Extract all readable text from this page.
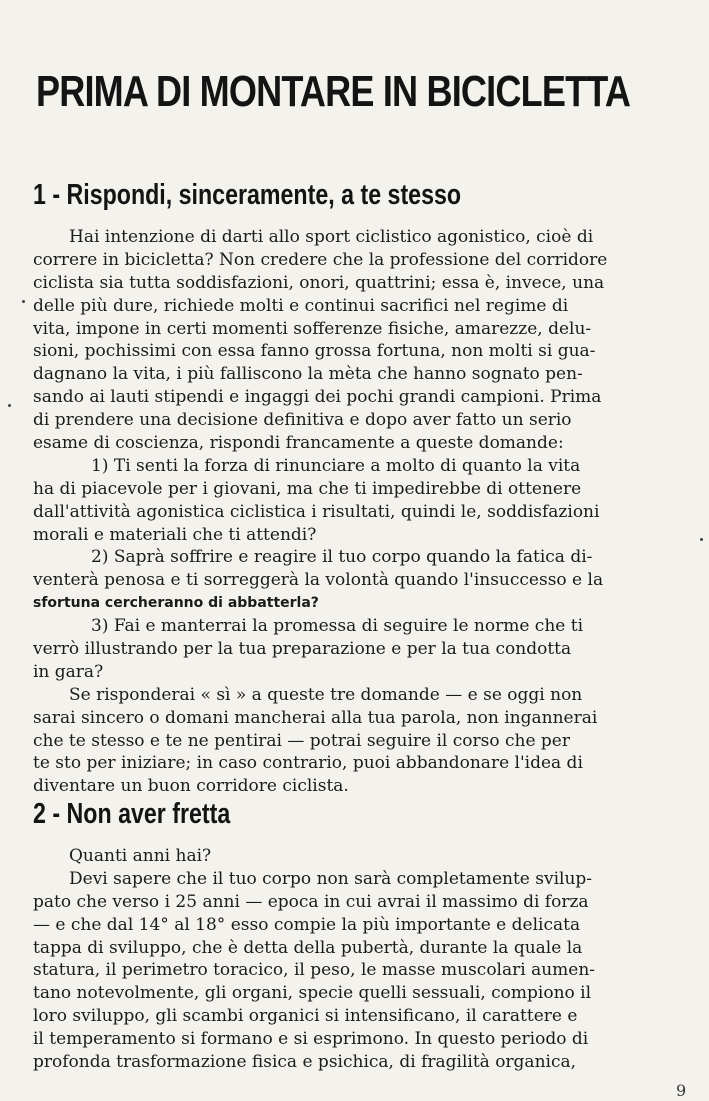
PRIMA DI MONTARE IN BICICLETTA
1 - Rispondi, sinceramente, a te stesso
Hai intenzione di darti allo sport ciclistico agonistico, cioè di
correre in bicicletta? Non credere che la professione del corridore
ciclista sia tutta soddisfazioni, onori, quattrini; essa è, invece, una
delle più dure, richiede molti e continui sacrifici nel regime di
vita, impone in certi momenti sofferenze fisiche, amarezze, delu-
sioni, pochissimi con essa fanno grossa fortuna, non molti si gua-
dagnano la vita, i più falliscono la mèta che hanno sognato pen-
sando ai lauti stipendi e ingaggi dei pochi grandi campioni. Prima
di prendere una decisione definitiva e dopo aver fatto un serio
esame di coscienza, rispondi francamente a queste domande:
1) Ti senti la forza di rinunciare a molto di quanto la vita
ha di piacevole per i giovani, ma che ti impedirebbe di ottenere
dall'attività agonistica ciclistica i risultati, quindi le, soddisfazioni
morali e materiali che ti attendi?
2) Saprà soffrire e reagire il tuo corpo quando la fatica di-
venterà penosa e ti sorreggerà la volontà quando l'insuccesso e la
sfortuna cercheranno di abbatterla?
3) Fai e manterrai la promessa di seguire le norme che ti
verrò illustrando per la tua preparazione e per la tua condotta
in gara?
Se risponderai « sì » a queste tre domande — e se oggi non
sarai sincero o domani mancherai alla tua parola, non ingannerai
che te stesso e te ne pentirai — potrai seguire il corso che per
te sto per iniziare; in caso contrario, puoi abbandonare l'idea di
diventare un buon corridore ciclista.
2 - Non aver fretta
Quanti anni hai?
Devi sapere che il tuo corpo non sarà completamente svilup-
pato che verso i 25 anni — epoca in cui avrai il massimo di forza
— e che dal 14° al 18° esso compie la più importante e delicata
tappa di sviluppo, che è detta della pubertà, durante la quale la
statura, il perimetro toracico, il peso, le masse muscolari aumen-
tano notevolmente, gli organi, specie quelli sessuali, compiono il
loro sviluppo, gli scambi organici si intensificano, il carattere e
il temperamento si formano e si esprimono. In questo periodo di
profonda trasformazione fisica e psichica, di fragilità organica,
9
